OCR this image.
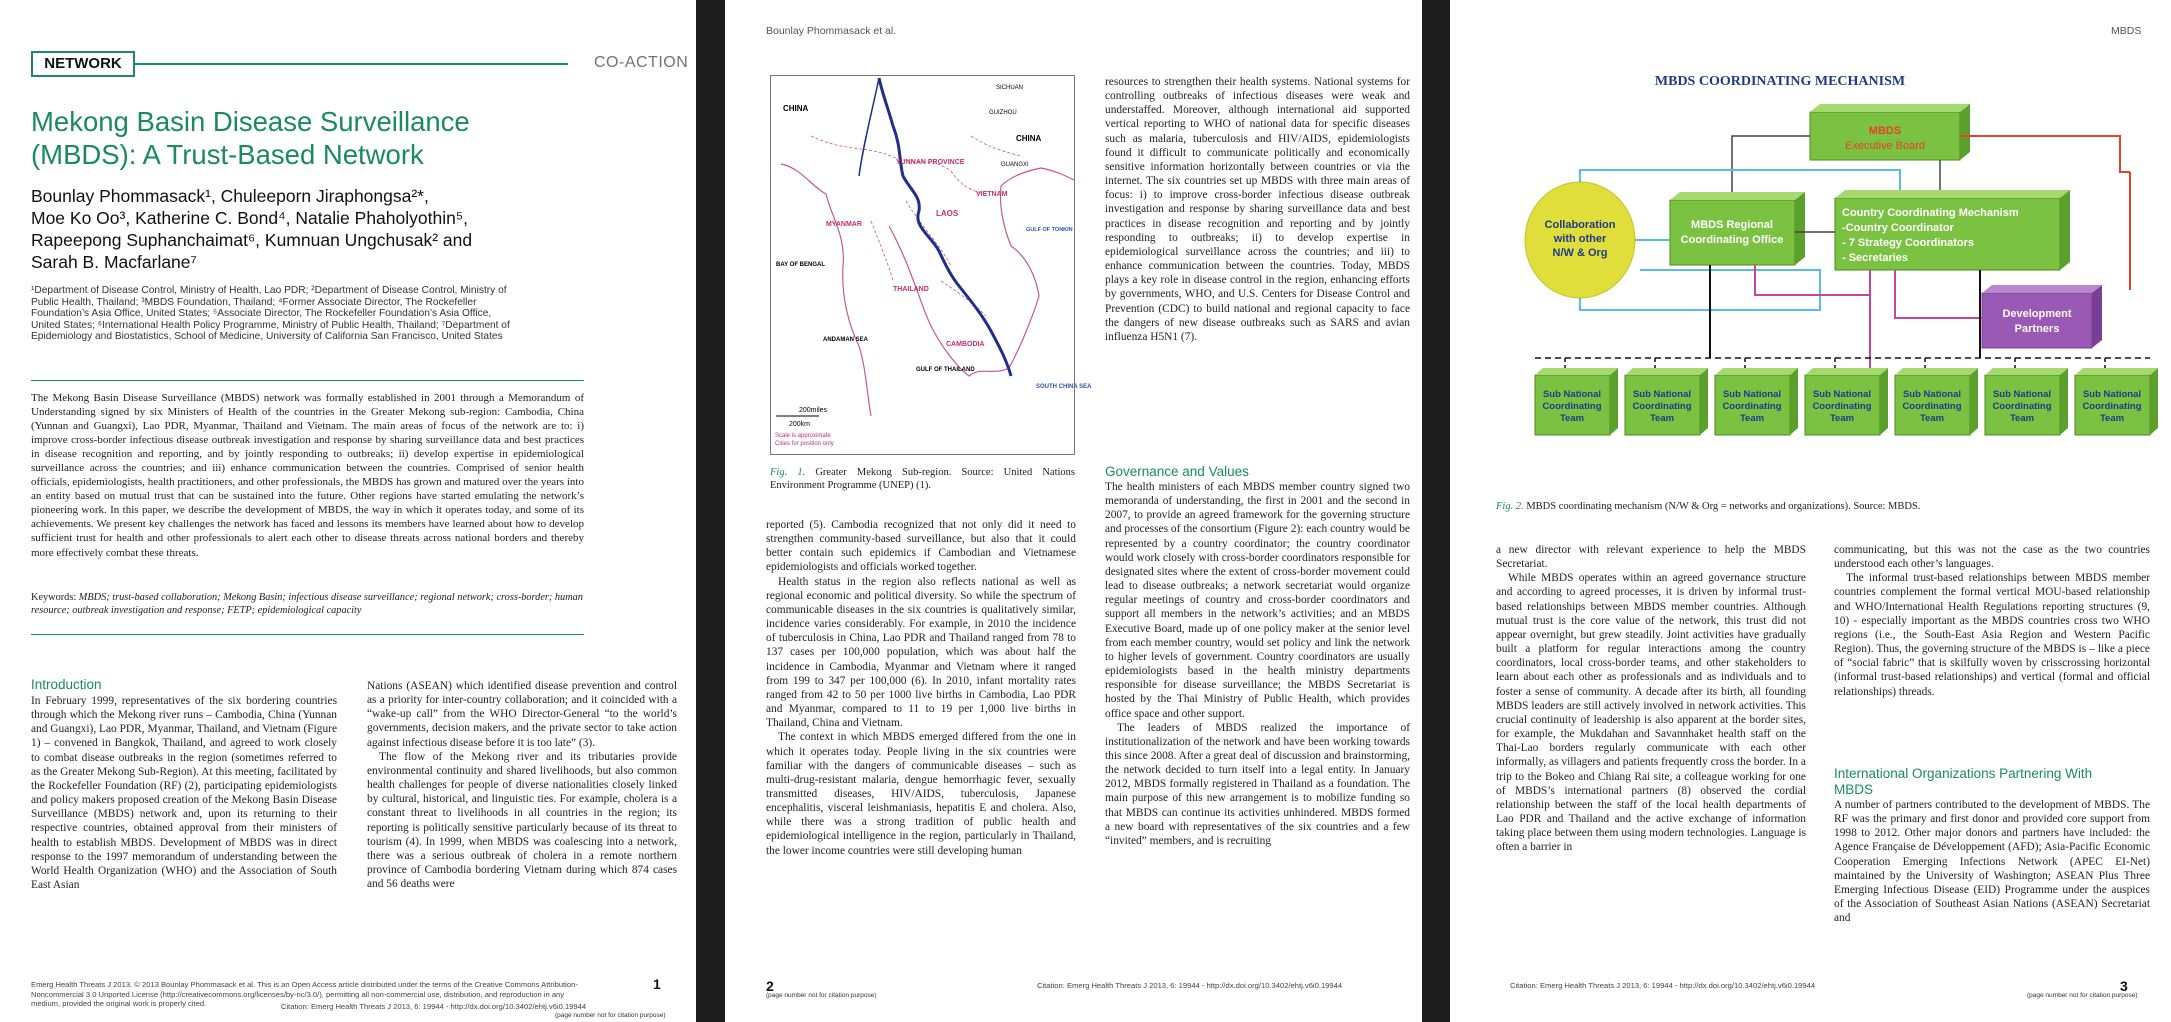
NETWORK	CO-ACTION
Mekong Basin Disease Surveillance
(MBDS): A Trust-Based Network
Bounlay Phommasack¹, Chuleeporn Jiraphongsa²*,
Moe Ko Oo³, Katherine C. Bond⁴, Natalie Phaholyothin⁵,
Rapeepong Suphanchaimat⁶, Kumnuan Ungchusak² and
Sarah B. Macfarlane⁷
¹Department of Disease Control, Ministry of Health, Lao PDR; ²Department of Disease Control, Ministry of
Public Health, Thailand; ³MBDS Foundation, Thailand; ⁴Former Associate Director, The Rockefeller
Foundation’s Asia Office, United States; ⁵Associate Director, The Rockefeller Foundation’s Asia Office,
United States; ⁶International Health Policy Programme, Ministry of Public Health, Thailand; ⁷Department of
Epidemiology and Biostatistics, School of Medicine, University of California San Francisco, United States
The Mekong Basin Disease Surveillance (MBDS) network was formally established in 2001 through a Memorandum of Understanding signed by six Ministers of Health of the countries in the Greater Mekong sub-region: Cambodia, China (Yunnan and Guangxi), Lao PDR, Myanmar, Thailand and Vietnam. The main areas of focus of the network are to: i) improve cross-border infectious disease outbreak investigation and response by sharing surveillance data and best practices in disease recognition and reporting, and by jointly responding to outbreaks; ii) develop expertise in epidemiological surveillance across the countries; and iii) enhance communication between the countries. Comprised of senior health officials, epidemiologists, health practitioners, and other professionals, the MBDS has grown and matured over the years into an entity based on mutual trust that can be sustained into the future. Other regions have started emulating the network’s pioneering work. In this paper, we describe the development of MBDS, the way in which it operates today, and some of its achievements. We present key challenges the network has faced and lessons its members have learned about how to develop sufficient trust for health and other professionals to alert each other to disease threats across national borders and thereby more effectively combat these threats.
Keywords: MBDS; trust-based collaboration; Mekong Basin; infectious disease surveillance; regional network; cross-border; human resource; outbreak investigation and response; FETP; epidemiological capacity
Introduction
In February 1999, representatives of the six bordering countries through which the Mekong river runs – Cambodia, China (Yunnan and Guangxi), Lao PDR, Myanmar, Thailand, and Vietnam (Figure 1) – convened in Bangkok, Thailand, and agreed to work closely to combat disease outbreaks in the region (sometimes referred to as the Greater Mekong Sub-Region). At this meeting, facilitated by the Rockefeller Foundation (RF) (2), participating epidemiologists and policy makers proposed creation of the Mekong Basin Disease Surveillance (MBDS) network and, upon its returning to their respective countries, obtained approval from their ministers of health to establish MBDS. Development of MBDS was in direct response to the 1997 memorandum of understanding between the World Health Organization (WHO) and the Association of South East Asian

Nations (ASEAN) which identified disease prevention and control as a priority for inter-country collaboration; and it coincided with a “wake-up call” from the WHO Director-General “to the world’s governments, decision makers, and the private sector to take action against infectious disease before it is too late” (3).

The flow of the Mekong river and its tributaries provide environmental continuity and shared livelihoods, but also common health challenges for people of diverse nationalities closely linked by cultural, historical, and linguistic ties. For example, cholera is a constant threat to livelihoods in all countries in the region; its reporting is politically sensitive particularly because of its threat to tourism (4). In 1999, when MBDS was coalescing into a network, there was a serious outbreak of cholera in a remote northern province of Cambodia bordering Vietnam during which 874 cases and 56 deaths were

Emerg Health Threats J 2013. © 2013 Bounlay Phommasack et al. This is an Open Access article distributed under the terms of the Creative Commons Attribution-
Noncommercial 3.0 Unported License (http://creativecommons.org/licenses/by-nc/3.0/), permitting all non-commercial use, distribution, and reproduction in any
medium, provided the original work is properly cited.	Citation: Emerg Health Threats J 2013, 6: 19944 - http://dx.doi.org/10.3402/ehtj.v6i0.19944
1
(page number not for citation purpose)
Bounlay Phommasack et al.
CHINA
SICHUAN
CHINA
GUIZHOU
GUANGXI
YUNNAN PROVINCE
VIETNAM
LAOS
MYANMAR
GULF OF TONKIN
THAILAND
BAY OF BENGAL
CAMBODIA
ANDAMAN SEA
GULF OF THAILAND
SOUTH CHINA SEA
200miles
200km
Scale is approximate
Cities for position only
Fig. 1. Greater Mekong Sub-region. Source: United Nations Environment Programme (UNEP) (1).

reported (5). Cambodia recognized that not only did it need to strengthen community-based surveillance, but also that it could better contain such epidemics if Cambodian and Vietnamese epidemiologists and officials worked together.

Health status in the region also reflects national as well as regional economic and political diversity. So while the spectrum of communicable diseases in the six countries is qualitatively similar, incidence varies considerably. For example, in 2010 the incidence of tuberculosis in China, Lao PDR and Thailand ranged from 78 to 137 cases per 100,000 population, which was about half the incidence in Cambodia, Myanmar and Vietnam where it ranged from 199 to 347 per 100,000 (6). In 2010, infant mortality rates ranged from 42 to 50 per 1000 live births in Cambodia, Lao PDR and Myanmar, compared to 11 to 19 per 1,000 live births in Thailand, China and Vietnam.

The context in which MBDS emerged differed from the one in which it operates today. People living in the six countries were familiar with the dangers of communicable diseases – such as multi-drug-resistant malaria, dengue hemorrhagic fever, sexually transmitted diseases, HIV/AIDS, tuberculosis, Japanese encephalitis, visceral leishmaniasis, hepatitis E and cholera. Also, while there was a strong tradition of public health and epidemiological intelligence in the region, particularly in Thailand, the lower income countries were still developing human

resources to strengthen their health systems. National systems for controlling outbreaks of infectious diseases were weak and understaffed. Moreover, although international aid supported vertical reporting to WHO of national data for specific diseases such as malaria, tuberculosis and HIV/AIDS, epidemiologists found it difficult to communicate politically and economically sensitive information horizontally between countries or via the internet. The six countries set up MBDS with three main areas of focus: i) to improve cross-border infectious disease outbreak investigation and response by sharing surveillance data and best practices in disease recognition and reporting and by jointly responding to outbreaks; ii) to develop expertise in epidemiological surveillance across the countries; and iii) to enhance communication between the countries. Today, MBDS plays a key role in disease control in the region, enhancing efforts by governments, WHO, and U.S. Centers for Disease Control and Prevention (CDC) to build national and regional capacity to face the dangers of new disease outbreaks such as SARS and avian influenza H5N1 (7).

Governance and Values

The health ministers of each MBDS member country signed two memoranda of understanding, the first in 2001 and the second in 2007, to provide an agreed framework for the governing structure and processes of the consortium (Figure 2): each country would be represented by a country coordinator; the country coordinator would work closely with cross-border coordinators responsible for designated sites where the extent of cross-border movement could lead to disease outbreaks; a network secretariat would organize regular meetings of country and cross-border coordinators and support all members in the network’s activities; and an MBDS Executive Board, made up of one policy maker at the senior level from each member country, would set policy and link the network to higher levels of government. Country coordinators are usually epidemiologists based in the health ministry departments responsible for disease surveillance; the MBDS Secretariat is hosted by the Thai Ministry of Public Health, which provides office space and other support.

The leaders of MBDS realized the importance of institutionalization of the network and have been working towards this since 2008. After a great deal of discussion and brainstorming, the network decided to turn itself into a legal entity. In January 2012, MBDS formally registered in Thailand as a foundation. The main purpose of this new arrangement is to mobilize funding so that MBDS can continue its activities unhindered. MBDS formed a new board with representatives of the six countries and a few “invited” members, and is recruiting

2
(page number not for citation purpose)
Citation: Emerg Health Threats J 2013, 6: 19944 - http://dx.doi.org/10.3402/ehtj.v6i0.19944
MBDS
MBDS COORDINATING MECHANISM
MBDS
Executive Board
Collaboration
with other
N/W & Org
MBDS Regional
Coordinating Office
Country Coordinating Mechanism
-Country Coordinator
- 7 Strategy Coordinators
- Secretaries
Development
Partners
Sub National
Coordinating
Team
Sub National
Coordinating
Team
Sub National
Coordinating
Team
Sub National
Coordinating
Team
Sub National
Coordinating
Team
Sub National
Coordinating
Team
Sub National
Coordinating
Team
Fig. 2. MBDS coordinating mechanism (N/W & Org = networks and organizations). Source: MBDS.

a new director with relevant experience to help the MBDS Secretariat.

While MBDS operates within an agreed governance structure and according to agreed processes, it is driven by informal trust-based relationships between MBDS member countries. Although mutual trust is the core value of the network, this trust did not appear overnight, but grew steadily. Joint activities have gradually built a platform for regular interactions among the country coordinators, local cross-border teams, and other stakeholders to learn about each other as professionals and as individuals and to foster a sense of community. A decade after its birth, all founding MBDS leaders are still actively involved in network activities. This crucial continuity of leadership is also apparent at the border sites, for example, the Mukdahan and Savannhaket health staff on the Thai-Lao borders regularly communicate with each other informally, as villagers and patients frequently cross the border. In a trip to the Bokeo and Chiang Rai site, a colleague working for one of MBDS’s international partners (8) observed the cordial relationship between the staff of the local health departments of Lao PDR and Thailand and the active exchange of information taking place between them using modern technologies. Language is often a barrier in

communicating, but this was not the case as the two countries understood each other’s languages.

The informal trust-based relationships between MBDS member countries complement the formal vertical MOU-based relationship and WHO/International Health Regulations reporting structures (9, 10) - especially important as the MBDS countries cross two WHO regions (i.e., the South-East Asia Region and Western Pacific Region). Thus, the governing structure of the MBDS is – like a piece of “social fabric” that is skilfully woven by crisscrossing horizontal (informal trust-based relationships) and vertical (formal and official relationships) threads.

International Organizations Partnering With
MBDS

A number of partners contributed to the development of MBDS. The RF was the primary and first donor and provided core support from 1998 to 2012. Other major donors and partners have included: the Agence Française de Développement (AFD); Asia-Pacific Economic Cooperation Emerging Infections Network (APEC EI-Net) maintained by the University of Washington; ASEAN Plus Three Emerging Infectious Disease (EID) Programme under the auspices of the Association of Southeast Asian Nations (ASEAN) Secretariat and

Citation: Emerg Health Threats J 2013, 6: 19944 - http://dx.doi.org/10.3402/ehtj.v6i0.19944	3
(page number not for citation purpose)
